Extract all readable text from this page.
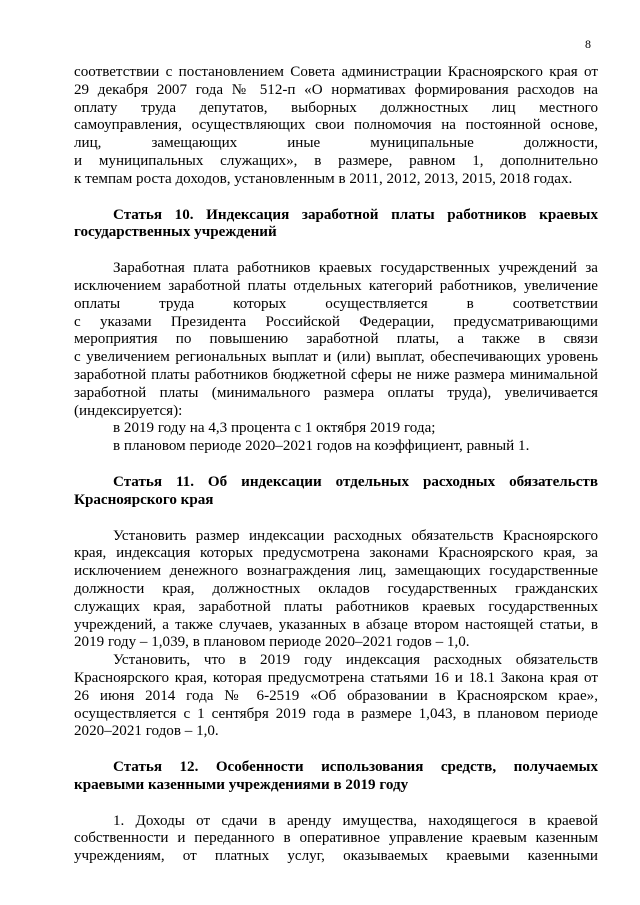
8
соответствии с постановлением Совета администрации Красноярского края от
29 декабря 2007 года № 512-п «О нормативах формирования расходов на
оплату труда депутатов, выборных должностных лиц местного
самоуправления, осуществляющих свои полномочия на постоянной основе,
лиц, замещающих иные муниципальные должности,
и муниципальных служащих», в размере, равном 1, дополнительно
к темпам роста доходов, установленным в 2011, 2012, 2013, 2015, 2018 годах.
Статья 10. Индексация заработной платы работников краевых
государственных учреждений
Заработная плата работников краевых государственных учреждений за
исключением заработной платы отдельных категорий работников, увеличение
оплаты труда которых осуществляется в соответствии
с указами Президента Российской Федерации, предусматривающими
мероприятия по повышению заработной платы, а также в связи
с увеличением региональных выплат и (или) выплат, обеспечивающих уровень
заработной платы работников бюджетной сферы не ниже размера минимальной
заработной платы (минимального размера оплаты труда), увеличивается
(индексируется):
в 2019 году на 4,3 процента с 1 октября 2019 года;
в плановом периоде 2020–2021 годов на коэффициент, равный 1.
Статья 11. Об индексации отдельных расходных обязательств
Красноярского края
Установить размер индексации расходных обязательств Красноярского
края, индексация которых предусмотрена законами Красноярского края, за
исключением денежного вознаграждения лиц, замещающих государственные
должности края, должностных окладов государственных гражданских
служащих края, заработной платы работников краевых государственных
учреждений, а также случаев, указанных в абзаце втором настоящей статьи, в
2019 году – 1,039, в плановом периоде 2020–2021 годов – 1,0.
Установить, что в 2019 году индексация расходных обязательств
Красноярского края, которая предусмотрена статьями 16 и 18.1 Закона края от
26 июня 2014 года № 6-2519 «Об образовании в Красноярском крае»,
осуществляется с 1 сентября 2019 года в размере 1,043, в плановом периоде
2020–2021 годов – 1,0.
Статья 12. Особенности использования средств, получаемых
краевыми казенными учреждениями в 2019 году
1. Доходы от сдачи в аренду имущества, находящегося в краевой
собственности и переданного в оперативное управление краевым казенным
учреждениям, от платных услуг, оказываемых краевыми казенными
